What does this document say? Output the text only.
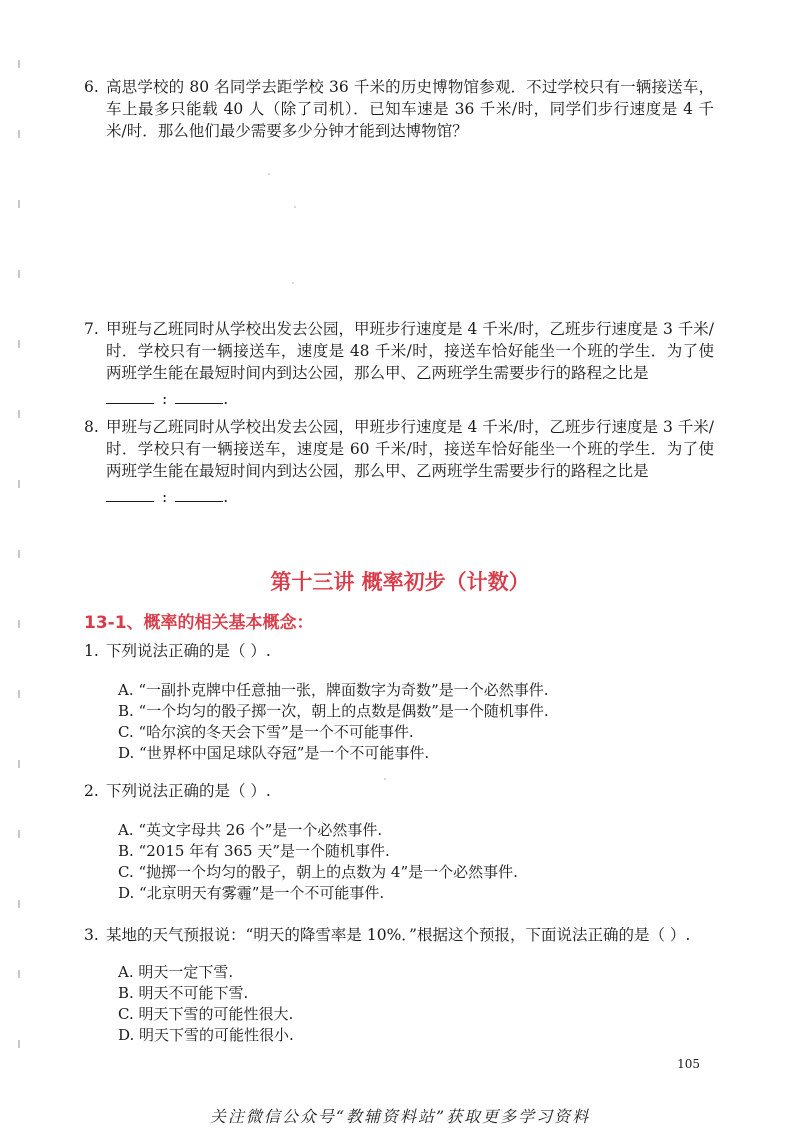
6. 高思学校的 80 名同学去距学校 36 千米的历史博物馆参观．不过学校只有一辆接送车，车上最多只能载 40 人（除了司机）．已知车速是 36 千米/时，同学们步行速度是 4 千米/时．那么他们最少需要多少分钟才能到达博物馆？
7. 甲班与乙班同时从学校出发去公园，甲班步行速度是 4 千米/时，乙班步行速度是 3 千米/时．学校只有一辆接送车，速度是 48 千米/时，接送车恰好能坐一个班的学生．为了使两班学生能在最短时间内到达公园，那么甲、乙两班学生需要步行的路程之比是
:	.
8. 甲班与乙班同时从学校出发去公园，甲班步行速度是 4 千米/时，乙班步行速度是 3 千米/时．学校只有一辆接送车，速度是 60 千米/时，接送车恰好能坐一个班的学生．为了使两班学生能在最短时间内到达公园，那么甲、乙两班学生需要步行的路程之比是
:	.
第十三讲 概率初步（计数）
13-1、概率的相关基本概念：
1. 下列说法正确的是（ ）.
A. “一副扑克牌中任意抽一张，牌面数字为奇数”是一个必然事件.
B. “一个均匀的骰子掷一次，朝上的点数是偶数”是一个随机事件.
C. “哈尔滨的冬天会下雪”是一个不可能事件.
D. “世界杯中国足球队夺冠”是一个不可能事件.
2. 下列说法正确的是（ ）.
A. “英文字母共 26 个”是一个必然事件.
B. “2015 年有 365 天”是一个随机事件.
C. “抛掷一个均匀的骰子，朝上的点数为 4”是一个必然事件.
D. “北京明天有雾霾”是一个不可能事件.
3. 某地的天气预报说：“明天的降雪率是 10%．”根据这个预报，下面说法正确的是（ ）.
A. 明天一定下雪.
B. 明天不可能下雪.
C. 明天下雪的可能性很大.
D. 明天下雪的可能性很小.
105
关注微信公众号“教辅资料站”获取更多学习资料
